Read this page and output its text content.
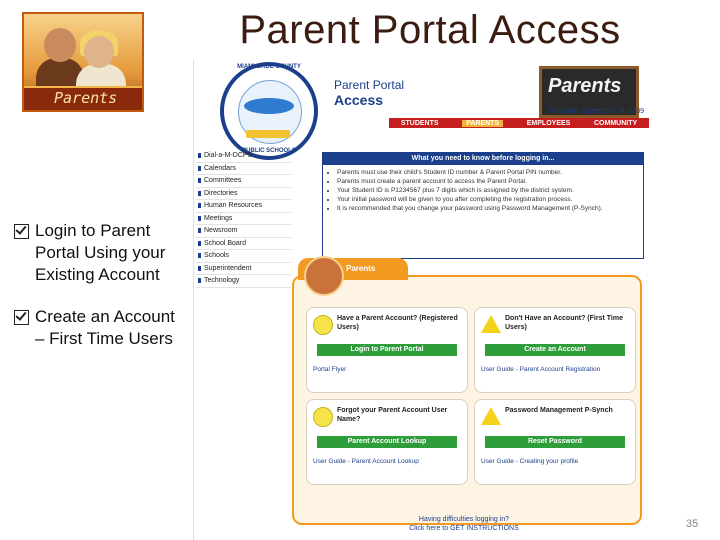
Parent Portal Access
Parents
Login to Parent Portal Using your Existing Account
Create an Account – First Time Users
MIAMI-DADE COUNTY
PUBLIC SCHOOLS
Parent Portal
Access
Parents
Thursday, September 24, 2009
STUDENTS	PARENTS	EMPLOYEES	COMMUNITY
Dial-a-M-DCPS
Calendars
Committees
Directories
Human Resources
Meetings
Newsroom
School Board
Schools
Superintendent
Technology
What you need to know before logging in...
• Parents must use their child's Student ID number & Parent Portal PIN number.
• Parents must create a parent account to access the Parent Portal.
• Your Student ID is P1234567 plus 7 digits which is assigned by the district system.
• Your initial password will be given to you after completing the registration process.
• It is recommended that you change your password using Password Management (P-Synch).
Have a Parent Account? (Registered Users)
Login to Parent Portal
Portal Flyer
Don't Have an Account? (First Time Users)
Create an Account
User Guide - Parent Account Registration
Forgot your Parent Account User Name?
Parent Account Lookup
User Guide - Parent Account Lookup
Password Management P-Synch
Reset Password
User Guide - Creating your profile
Parents
Having difficulties logging in?
Click here to GET INSTRUCTIONS	35
